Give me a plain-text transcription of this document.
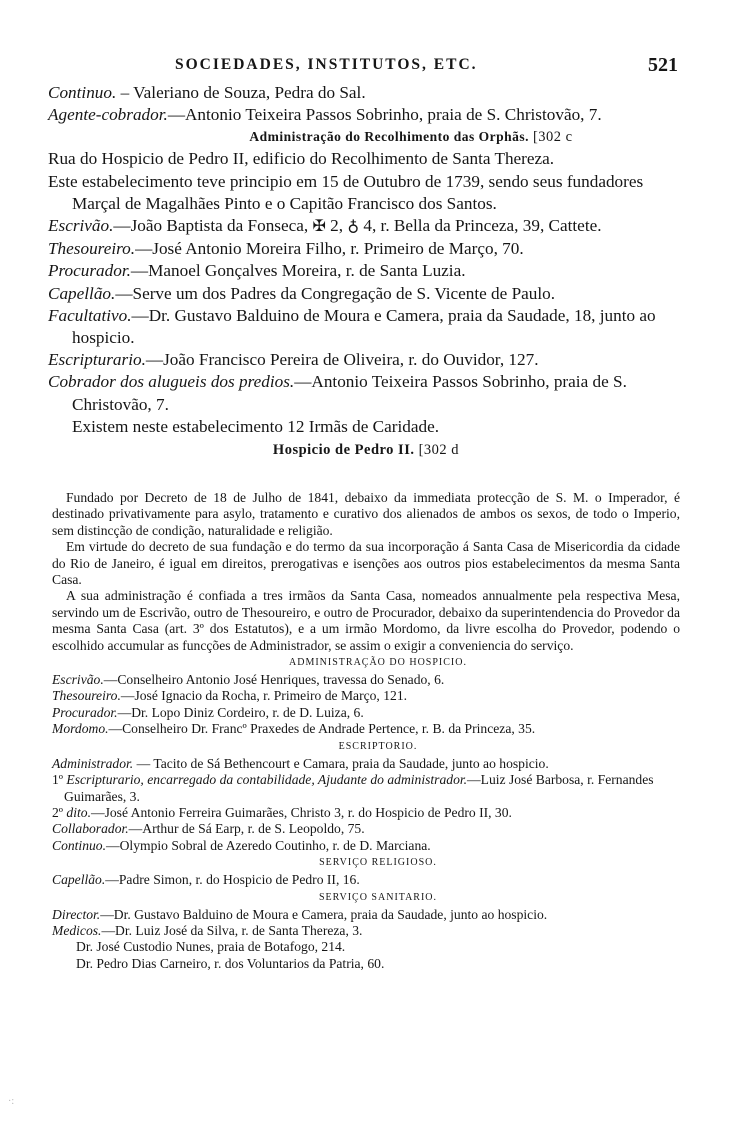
SOCIEDADES, INSTITUTOS, ETC.	521

Continuo. – Valeriano de Souza, Pedra do Sal.

Agente-cobrador.—Antonio Teixeira Passos Sobrinho, praia de S. Christovão, 7.

Administração do Recolhimento das Orphãs. [302 c

Rua do Hospicio de Pedro II, edificio do Recolhimento de Santa Thereza.

Este estabelecimento teve principio em 15 de Outubro de 1739, sendo seus fundadores Marçal de Magalhães Pinto e o Capitão Francisco dos Santos.

Escrivão.—João Baptista da Fonseca, ✠ 2, ♁ 4, r. Bella da Princeza, 39, Cattete.

Thesoureiro.—José Antonio Moreira Filho, r. Primeiro de Março, 70.

Procurador.—Manoel Gonçalves Moreira, r. de Santa Luzia.

Capellão.—Serve um dos Padres da Congregação de S. Vicente de Paulo.

Facultativo.—Dr. Gustavo Balduino de Moura e Camera, praia da Saudade, 18, junto ao hospicio.

Escripturario.—João Francisco Pereira de Oliveira, r. do Ouvidor, 127.

Cobrador dos alugueis dos predios.—Antonio Teixeira Passos Sobrinho, praia de S. Christovão, 7.

Existem neste estabelecimento 12 Irmãs de Caridade.

Hospicio de Pedro II. [302 d

Fundado por Decreto de 18 de Julho de 1841, debaixo da immediata protecção de S. M. o Imperador, é destinado privativamente para asylo, tratamento e curativo dos alienados de ambos os sexos, de todo o Imperio, sem distincção de condição, naturalidade e religião.

Em virtude do decreto de sua fundação e do termo da sua incorporação á Santa Casa de Misericordia da cidade do Rio de Janeiro, é igual em direitos, prerogativas e isenções aos outros pios estabelecimentos da mesma Santa Casa.

A sua administração é confiada a tres irmãos da Santa Casa, nomeados annualmente pela respectiva Mesa, servindo um de Escrivão, outro de Thesoureiro, e outro de Procurador, debaixo da superintendencia do Provedor da mesma Santa Casa (art. 3º dos Estatutos), e a um irmão Mordomo, da livre escolha do Provedor, podendo o escolhido accumular as funcções de Administrador, se assim o exigir a conveniencia do serviço.

ADMINISTRAÇÃO DO HOSPICIO.

Escrivão.—Conselheiro Antonio José Henriques, travessa do Senado, 6.

Thesoureiro.—José Ignacio da Rocha, r. Primeiro de Março, 121.

Procurador.—Dr. Lopo Diniz Cordeiro, r. de D. Luiza, 6.

Mordomo.—Conselheiro Dr. Francº Praxedes de Andrade Pertence, r. B. da Princeza, 35.

ESCRIPTORIO.

Administrador. — Tacito de Sá Bethencourt e Camara, praia da Saudade, junto ao hospicio.

1º Escripturario, encarregado da contabilidade, Ajudante do administrador.—Luiz José Barbosa, r. Fernandes Guimarães, 3.

2º dito.—José Antonio Ferreira Guimarães, Christo 3, r. do Hospicio de Pedro II, 30.

Collaborador.—Arthur de Sá Earp, r. de S. Leopoldo, 75.

Continuo.—Olympio Sobral de Azeredo Coutinho, r. de D. Marciana.

SERVIÇO RELIGIOSO.

Capellão.—Padre Simon, r. do Hospicio de Pedro II, 16.

SERVIÇO SANITARIO.

Director.—Dr. Gustavo Balduino de Moura e Camera, praia da Saudade, junto ao hospicio.

Medicos.—Dr. Luiz José da Silva, r. de Santa Thereza, 3.

Dr. José Custodio Nunes, praia de Botafogo, 214.

Dr. Pedro Dias Carneiro, r. dos Voluntarios da Patria, 60.

·:
